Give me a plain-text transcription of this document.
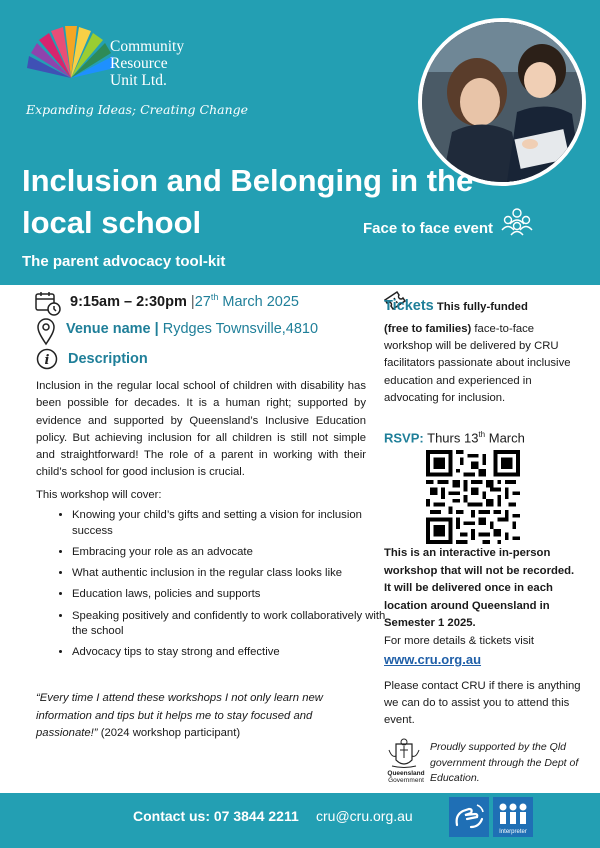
Community
Resource
Unit Ltd.
Expanding Ideas; Creating Change
Inclusion and Belonging in the local school	Face to face event
The parent advocacy tool-kit
9:15am – 2:30pm |27th March 2025
Venue name | Rydges Townsville,4810
i Description
Inclusion in the regular local school of children with disability has been possible for decades. It is a human right; supported by evidence and supported by Queensland’s Inclusive Education policy. But achieving inclusion for all children is still not simple and straightforward! The role of a parent in working with their child’s school for good inclusion is crucial.
This workshop will cover:
• Knowing your child’s gifts and setting a vision for inclusion success
• Embracing your role as an advocate
• What authentic inclusion in the regular class looks like
• Education laws, policies and supports
• Speaking positively and confidently to work collaboratively with the school
• Advocacy tips to stay strong and effective
“Every time I attend these workshops I not only learn new information and tips but it helps me to stay focused and passionate!” (2024 workshop participant)
Tickets This fully-funded
(free to families) face-to-face workshop will be delivered by CRU facilitators passionate about inclusive education and experienced in advocating for inclusion.
RSVP: Thurs 13th March
This is an interactive in-person workshop that will not be recorded. It will be delivered once in each location around Queensland in Semester 1 2025.
For more details & tickets visit
www.cru.org.au
Please contact CRU if there is anything we can do to assist you to attend this event.
Queensland
Government
Proudly supported by the Qld government through the Dept of Education.
Contact us: 07 3844 2211 cru@cru.org.au
Interpreter
